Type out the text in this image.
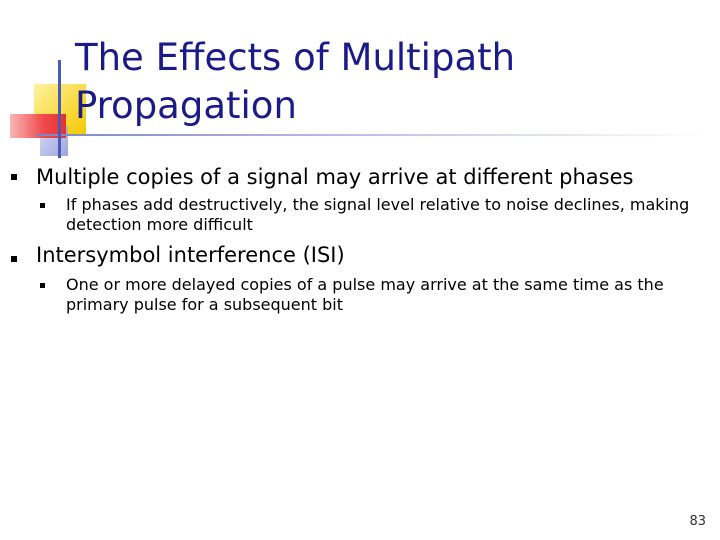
The Effects of Multipath
Propagation
Multiple copies of a signal may arrive at different phases
If phases add destructively, the signal level relative to noise declines, making detection more difficult
Intersymbol interference (ISI)
One or more delayed copies of a pulse may arrive at the same time as the primary pulse for a subsequent bit
83
